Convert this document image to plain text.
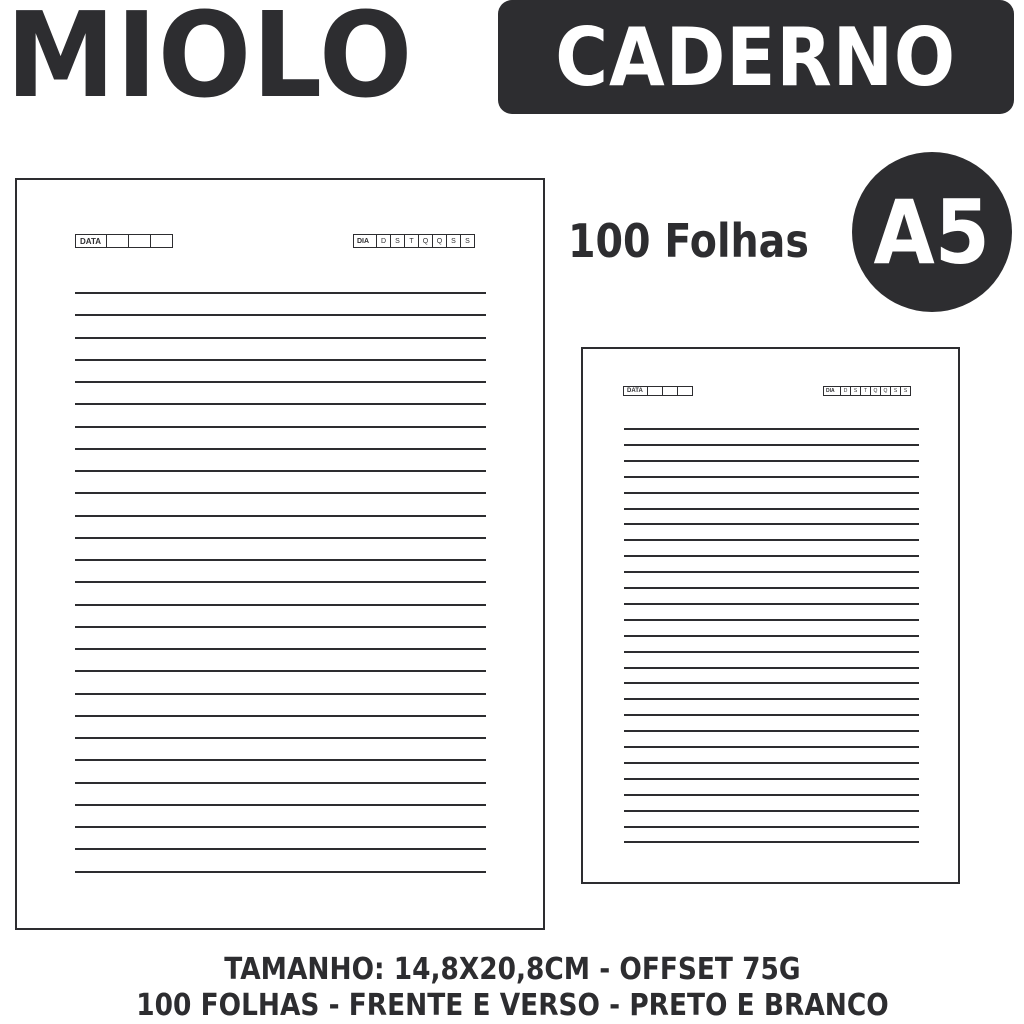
MIOLO CADERNO
DATA	DIA	D	S	T	Q	Q	S	S 100 Folhas A5
DATA	DIA	D	S	T	Q	Q	S	S
TAMANHO: 14,8X20,8CM - OFFSET 75G
100 FOLHAS - FRENTE E VERSO - PRETO E BRANCO
